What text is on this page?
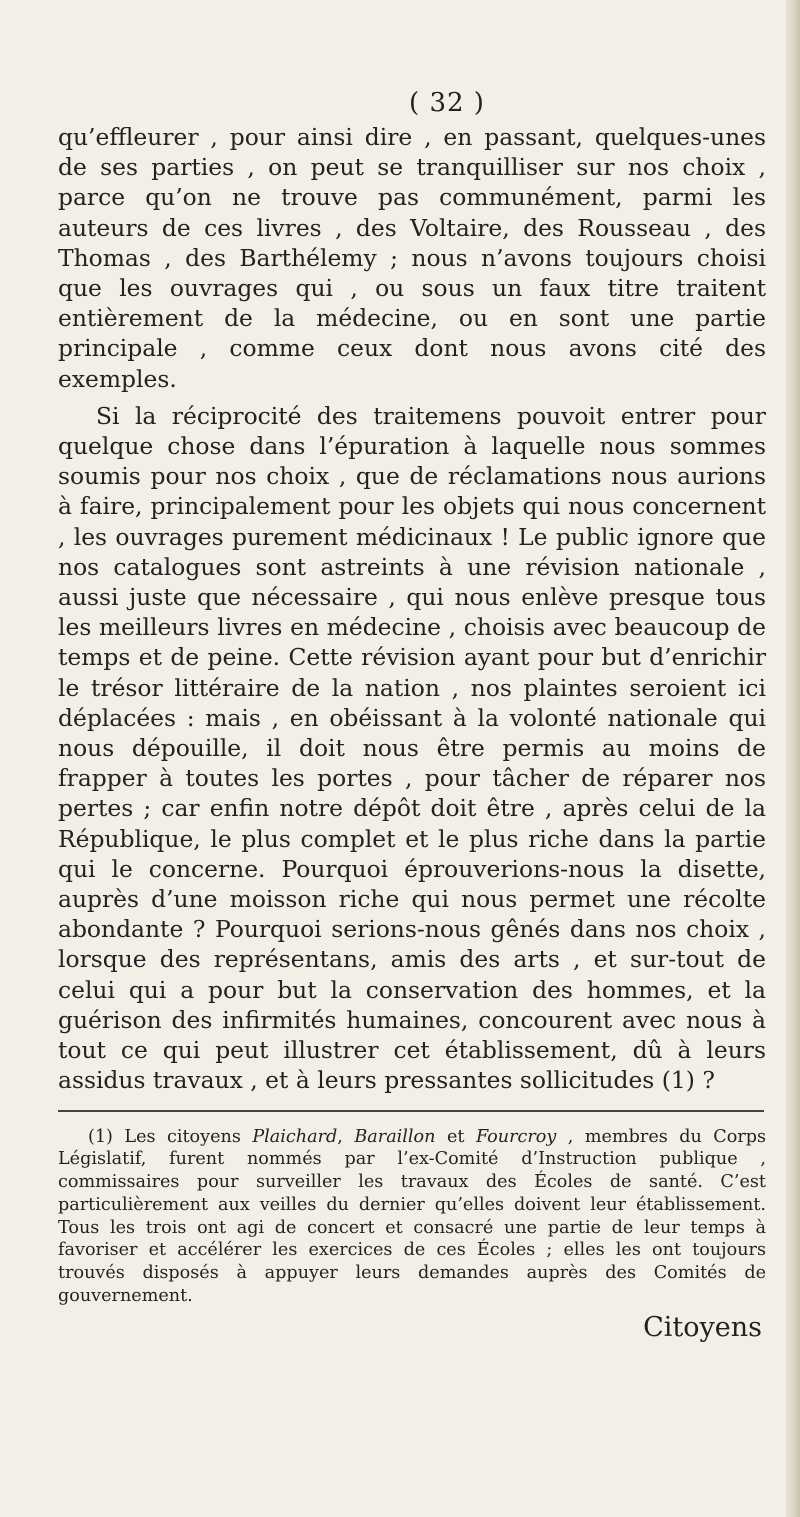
( 32 )

qu’effleurer , pour ainsi dire , en passant, quelques-unes de ses parties , on peut se tranquilliser sur nos choix , parce qu’on ne trouve pas communément, parmi les auteurs de ces livres , des Voltaire, des Rousseau , des Thomas , des Barthélemy ; nous n’avons toujours choisi que les ouvrages qui , ou sous un faux titre traitent entièrement de la médecine, ou en sont une partie principale , comme ceux dont nous avons cité des exemples.

Si la réciprocité des traitemens pouvoit entrer pour quelque chose dans l’épuration à laquelle nous sommes soumis pour nos choix , que de réclamations nous aurions à faire, principalement pour les objets qui nous concernent , les ouvrages purement médicinaux ! Le public ignore que nos catalogues sont astreints à une révision nationale , aussi juste que nécessaire , qui nous enlève presque tous les meilleurs livres en médecine , choisis avec beaucoup de temps et de peine. Cette révision ayant pour but d’enrichir le trésor littéraire de la nation , nos plaintes seroient ici déplacées : mais , en obéissant à la volonté nationale qui nous dépouille, il doit nous être permis au moins de frapper à toutes les portes , pour tâcher de réparer nos pertes ; car enfin notre dépôt doit être , après celui de la République, le plus complet et le plus riche dans la partie qui le concerne. Pourquoi éprouverions-nous la disette, auprès d’une moisson riche qui nous permet une récolte abondante ? Pourquoi serions-nous gênés dans nos choix , lorsque des représentans, amis des arts , et sur-tout de celui qui a pour but la conservation des hommes, et la guérison des infirmités humaines, concourent avec nous à tout ce qui peut illustrer cet établissement, dû à leurs assidus travaux , et à leurs pressantes sollicitudes (1) ?

(1) Les citoyens Plaichard, Baraillon et Fourcroy , membres du Corps Législatif, furent nommés par l’ex-Comité d’Instruction publique , commissaires pour surveiller les travaux des Écoles de santé. C’est particulièrement aux veilles du dernier qu’elles doivent leur établissement. Tous les trois ont agi de concert et consacré une partie de leur temps à favoriser et accélérer les exercices de ces Écoles ; elles les ont toujours trouvés disposés à appuyer leurs demandes auprès des Comités de gouvernement.
Citoyens
